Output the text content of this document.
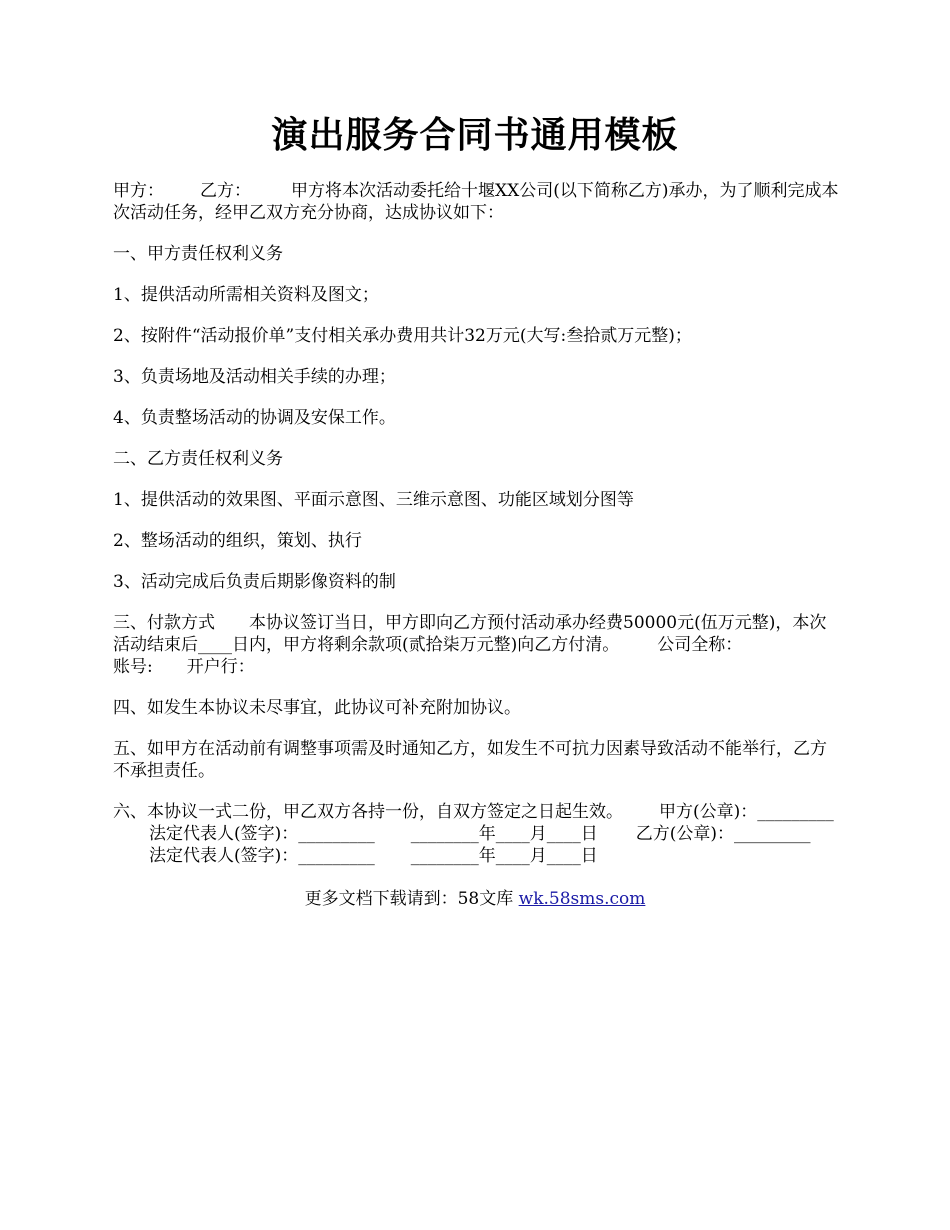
演出服务合同书通用模板

甲方： 乙方： 甲方将本次活动委托给十堰XX公司(以下简称乙方)承办，为了顺利完成本次活动任务，经甲乙双方充分协商，达成协议如下：

一、甲方责任权利义务

1、提供活动所需相关资料及图文；

2、按附件“活动报价单”支付相关承办费用共计32万元(大写:叁拾贰万元整)；

3、负责场地及活动相关手续的办理；

4、负责整场活动的协调及安保工作。

二、乙方责任权利义务

1、提供活动的效果图、平面示意图、三维示意图、功能区域划分图等

2、整场活动的组织，策划、执行

3、活动完成后负责后期影像资料的制

三、付款方式 本协议签订当日，甲方即向乙方预付活动承办经费50000元(伍万元整)，本次活动结束后____日内，甲方将剩余款项(贰拾柒万元整)向乙方付清。 公司全称：
账号: 开户行：

四、如发生本协议未尽事宜，此协议可补充附加协议。

五、如甲方在活动前有调整事项需及时通知乙方，如发生不可抗力因素导致活动不能举行，乙方不承担责任。

六、本协议一式二份，甲乙双方各持一份，自双方签定之日起生效。 甲方(公章)：_________法定代表人(签字)：_________ ________年____月____日 乙方(公章)：_________法定代表人(签字)：_________ ________年____月____日

更多文档下载请到：58文库 wk.58sms.com
